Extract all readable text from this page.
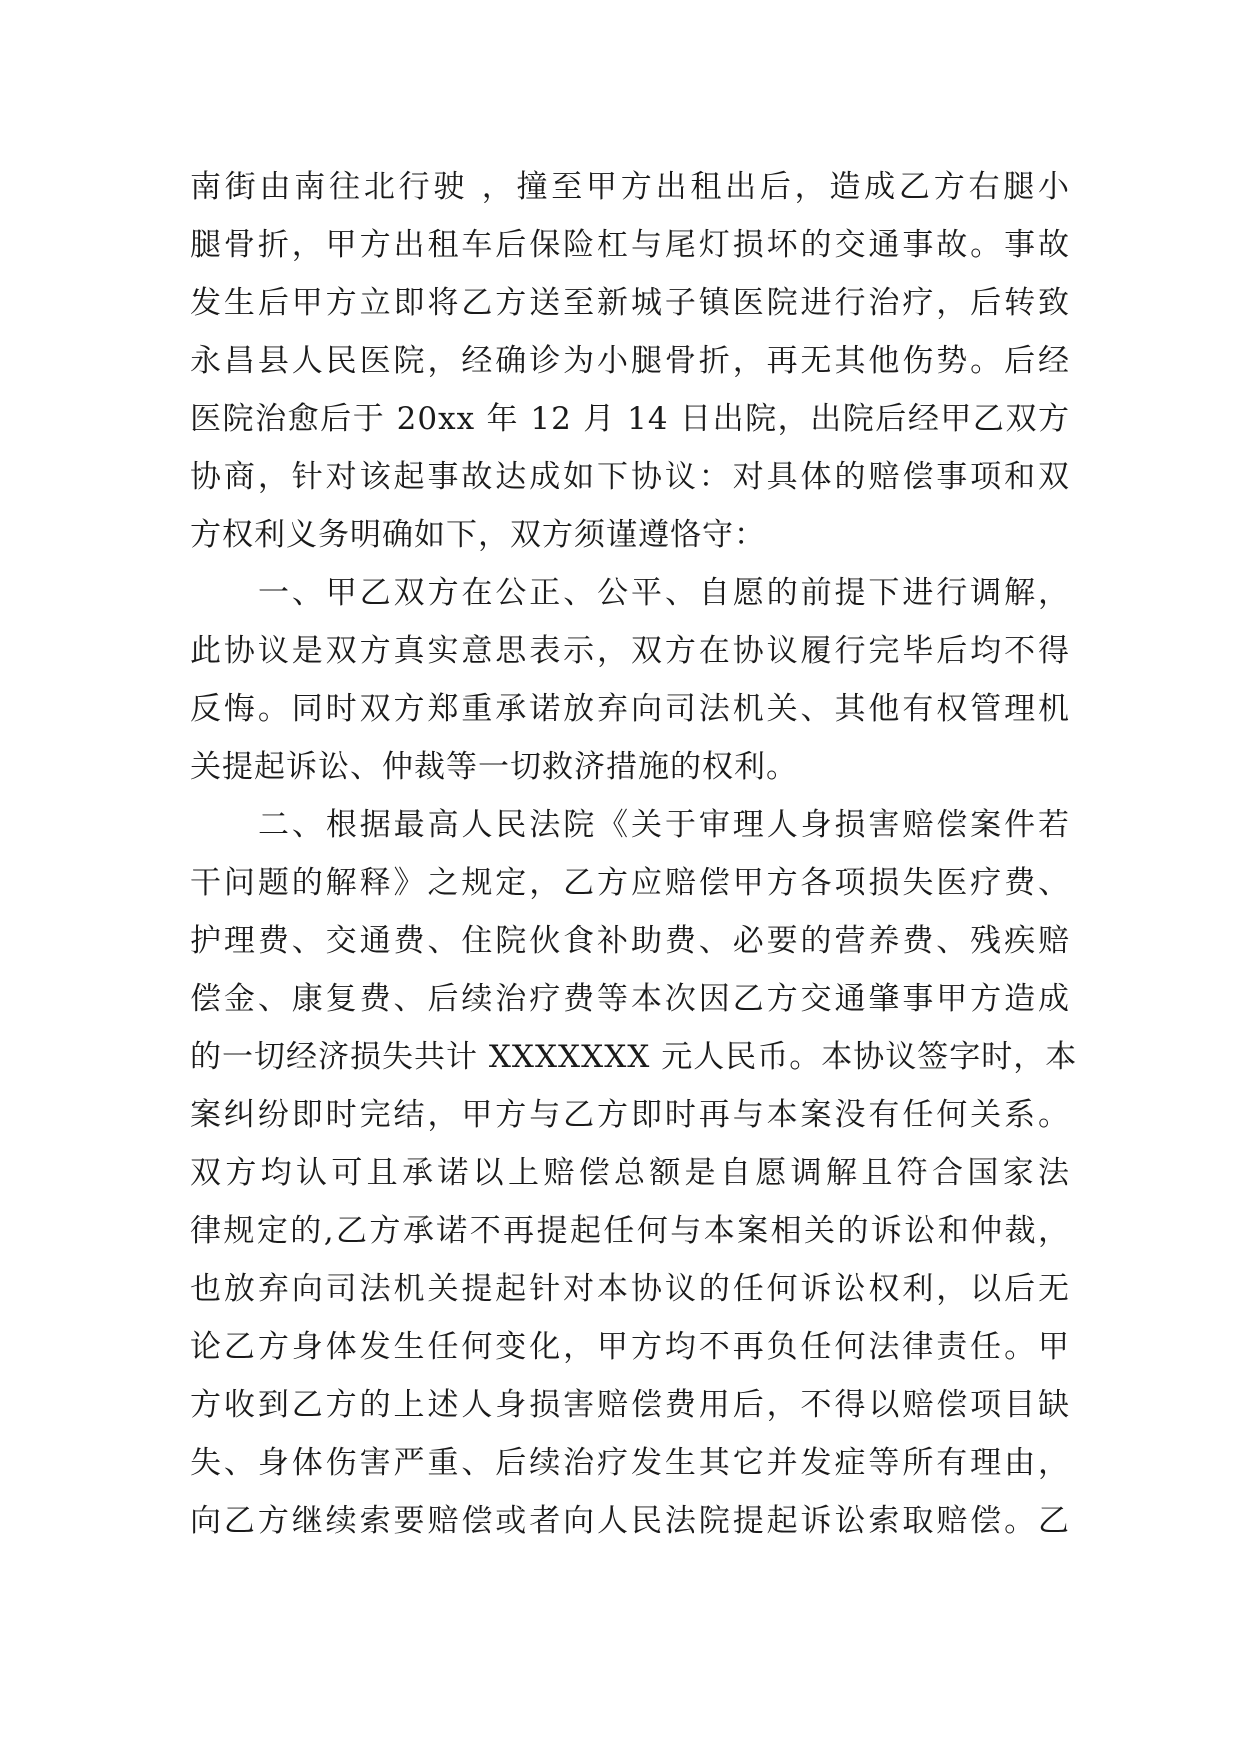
南街由南往北行驶 ，撞至甲方出租出后，造成乙方右腿小
腿骨折，甲方出租车后保险杠与尾灯损坏的交通事故。事故
发生后甲方立即将乙方送至新城子镇医院进行治疗，后转致
永昌县人民医院，经确诊为小腿骨折，再无其他伤势。后经
医院治愈后于 20xx 年 12 月 14 日出院，出院后经甲乙双方
协商，针对该起事故达成如下协议：对具体的赔偿事项和双
方权利义务明确如下，双方须谨遵恪守：
一、甲乙双方在公正、公平、自愿的前提下进行调解，
此协议是双方真实意思表示，双方在协议履行完毕后均不得
反悔。同时双方郑重承诺放弃向司法机关、其他有权管理机
关提起诉讼、仲裁等一切救济措施的权利。
二、根据最高人民法院《关于审理人身损害赔偿案件若
干问题的解释》之规定，乙方应赔偿甲方各项损失医疗费、
护理费、交通费、住院伙食补助费、必要的营养费、残疾赔
偿金、康复费、后续治疗费等本次因乙方交通肇事甲方造成
的一切经济损失共计 XXXXXXX 元人民币。本协议签字时，本
案纠纷即时完结，甲方与乙方即时再与本案没有任何关系。
双方均认可且承诺以上赔偿总额是自愿调解且符合国家法
律规定的,乙方承诺不再提起任何与本案相关的诉讼和仲裁，
也放弃向司法机关提起针对本协议的任何诉讼权利，以后无
论乙方身体发生任何变化，甲方均不再负任何法律责任。甲
方收到乙方的上述人身损害赔偿费用后，不得以赔偿项目缺
失、身体伤害严重、后续治疗发生其它并发症等所有理由，
向乙方继续索要赔偿或者向人民法院提起诉讼索取赔偿。乙
